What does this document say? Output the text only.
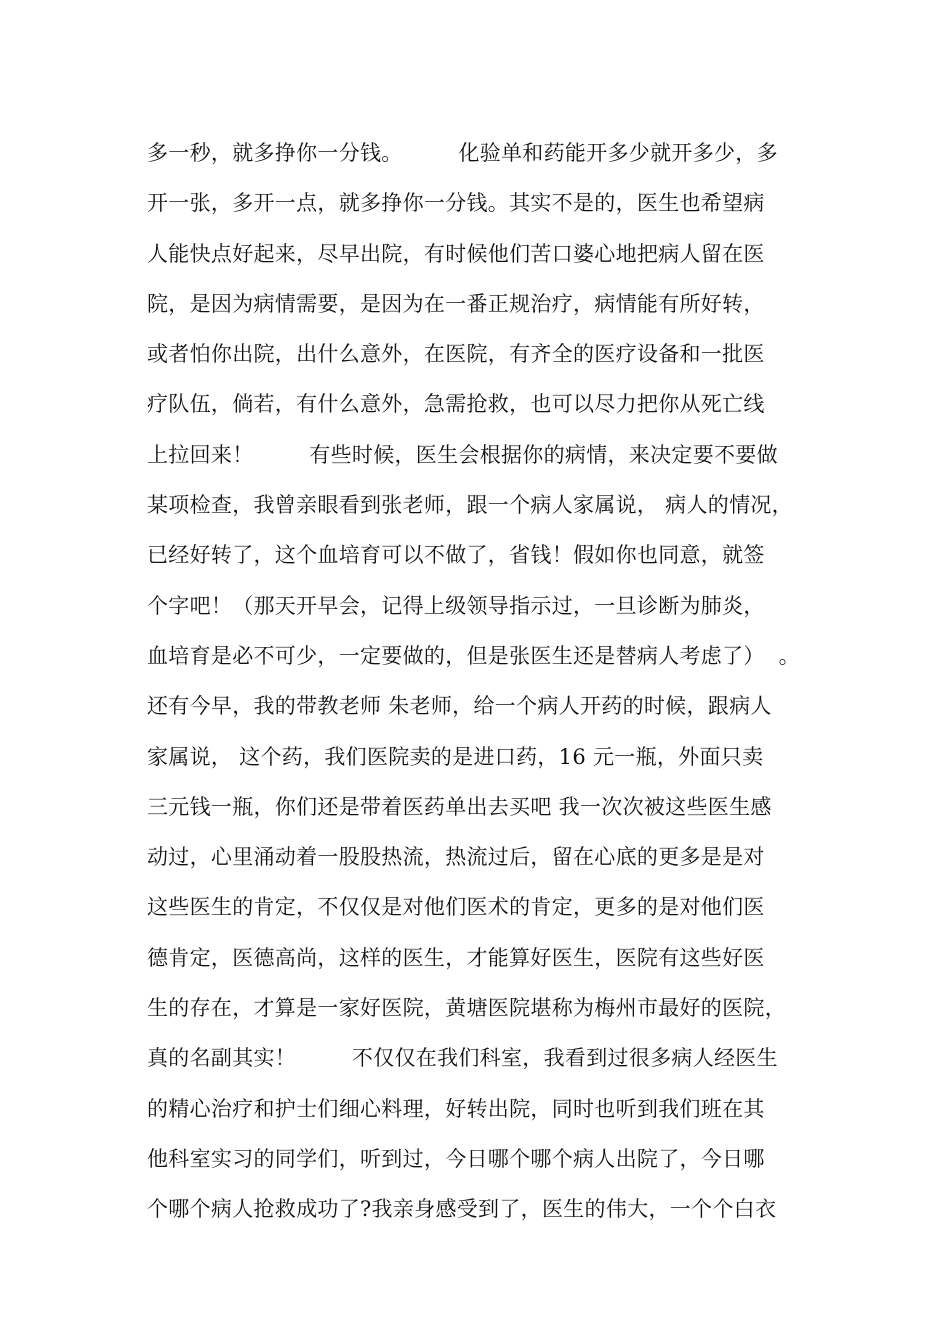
多一秒，就多挣你一分钱。        化验单和药能开多少就开多少，多
开一张，多开一点，就多挣你一分钱。其实不是的，医生也希望病
人能快点好起来，尽早出院，有时候他们苦口婆心地把病人留在医
院，是因为病情需要，是因为在一番正规治疗，病情能有所好转，
或者怕你出院，出什么意外，在医院，有齐全的医疗设备和一批医
疗队伍，倘若，有什么意外，急需抢救，也可以尽力把你从死亡线
上拉回来！        有些时候，医生会根据你的病情，来决定要不要做
某项检查，我曾亲眼看到张老师，跟一个病人家属说， 病人的情况，
已经好转了，这个血培育可以不做了，省钱！假如你也同意，就签
个字吧！（那天开早会，记得上级领导指示过，一旦诊断为肺炎，
血培育是必不可少，一定要做的，但是张医生还是替病人考虑了）  。
还有今早，我的带教老师 朱老师，给一个病人开药的时候，跟病人
家属说， 这个药，我们医院卖的是进口药，16 元一瓶，外面只卖
三元钱一瓶，你们还是带着医药单出去买吧 我一次次被这些医生感
动过，心里涌动着一股股热流，热流过后，留在心底的更多是是对
这些医生的肯定，不仅仅是对他们医术的肯定，更多的是对他们医
德肯定，医德高尚，这样的医生，才能算好医生，医院有这些好医
生的存在，才算是一家好医院，黄塘医院堪称为梅州市最好的医院，
真的名副其实！        不仅仅在我们科室，我看到过很多病人经医生
的精心治疗和护士们细心料理，好转出院，同时也听到我们班在其
他科室实习的同学们，听到过，今日哪个哪个病人出院了，今日哪
个哪个病人抢救成功了?我亲身感受到了，医生的伟大，一个个白衣
